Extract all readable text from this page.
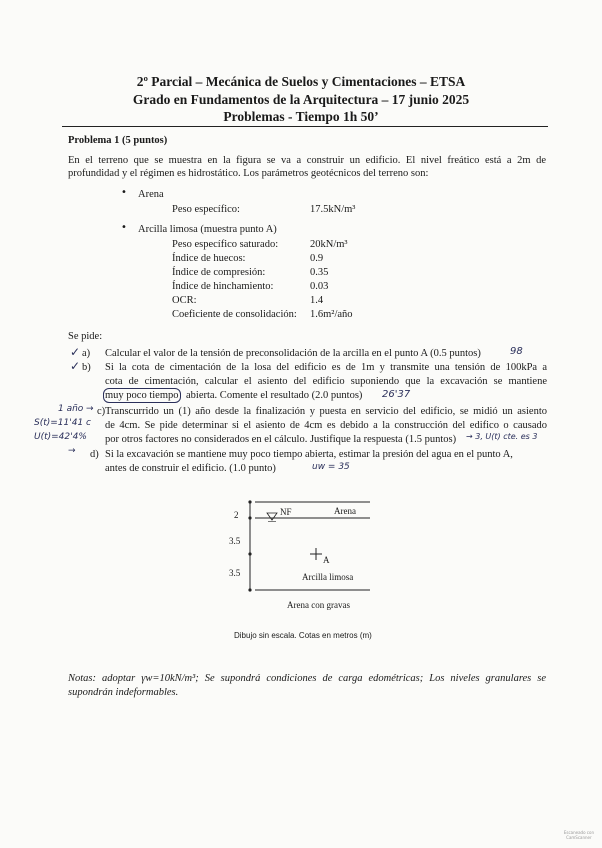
2º Parcial – Mecánica de Suelos y Cimentaciones – ETSA
Grado en Fundamentos de la Arquitectura – 17 junio 2025
Problemas - Tiempo 1h 50’
Problema 1 (5 puntos)
En el terreno que se muestra en la figura se va a construir un edificio. El nivel freático está a 2m de
profundidad y el régimen es hidrostático. Los parámetros geotécnicos del terreno son:
• Arena
Peso específico:	17.5kN/m³
• Arcilla limosa (muestra punto A)
Peso específico saturado:	20kN/m³
Índice de huecos:	0.9
Índice de compresión:	0.35
Índice de hinchamiento:	0.03
OCR:	1.4
Coeficiente de consolidación: 1.6m²/año
Se pide:
✓ a) Calcular el valor de la tensión de preconsolidación de la arcilla en el punto A (0.5 puntos)	98
✓ b) Si la cota de cimentación de la losa del edificio es de 1m y transmite una tensión de 100kPa a
cota de cimentación, calcular el asiento del edificio suponiendo que la excavación se mantiene
muy poco tiempo abierta. Comente el resultado (2.0 puntos) 26'37
1 año →
S(t)=11'41 c
U(t)=42'4%
c) Transcurrido un (1) año desde la finalización y puesta en servicio del edificio, se midió un asiento
de 4cm. Se pide determinar si el asiento de 4cm es debido a la construcción del edifico o causado
por otros factores no considerados en el cálculo. Justifique la respuesta (1.5 puntos) → 3, U(t) cte. es 3
→ d) Si la excavación se mantiene muy poco tiempo abierta, estimar la presión del agua en el punto A,
antes de construir el edificio. (1.0 punto)	uw = 35
2
3.5
3.5
NF	Arena
A
Arcilla limosa
Arena con gravas
Dibujo sin escala. Cotas en metros (m)
Notas: adoptar γw=10kN/m³; Se supondrá condiciones de carga edométricas; Los niveles granulares se
supondrán indeformables.
Escaneado con
CamScanner
